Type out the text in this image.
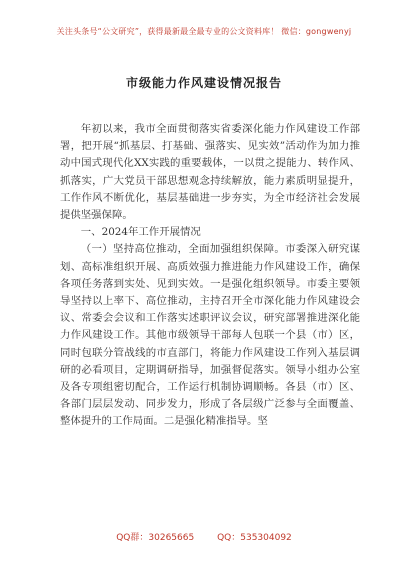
关注头条号“公文研究”，获得最新最全最专业的公文资料库！ 微信：gongwenyj
市级能力作风建设情况报告

年初以来，我市全面贯彻落实省委深化能力作风建设工作部署，把开展“抓基层、打基础、强落实、见实效”活动作为加力推动中国式现代化XX实践的重要载体，一以贯之提能力、转作风、抓落实，广大党员干部思想观念持续解放，能力素质明显提升，工作作风不断优化，基层基础进一步夯实，为全市经济社会发展提供坚强保障。

一、2024年工作开展情况

（一）坚持高位推动，全面加强组织保障。市委深入研究谋划、高标准组织开展、高质效强力推进能力作风建设工作，确保各项任务落到实处、见到实效。一是强化组织领导。市委主要领导坚持以上率下、高位推动，主持召开全市深化能力作风建设会议、常委会会议和工作落实述职评议会议，研究部署推进深化能力作风建设工作。其他市级领导干部每人包联一个县（市）区，同时包联分管战线的市直部门，将能力作风建设工作列入基层调研的必看项目，定期调研指导，加强督促落实。领导小组办公室及各专项组密切配合，工作运行机制协调顺畅。各县（市）区、各部门层层发动、同步发力，形成了各层级广泛参与全面覆盖、整体提升的工作局面。二是强化精准指导。坚

QQ群：30265665	QQ：535304092
